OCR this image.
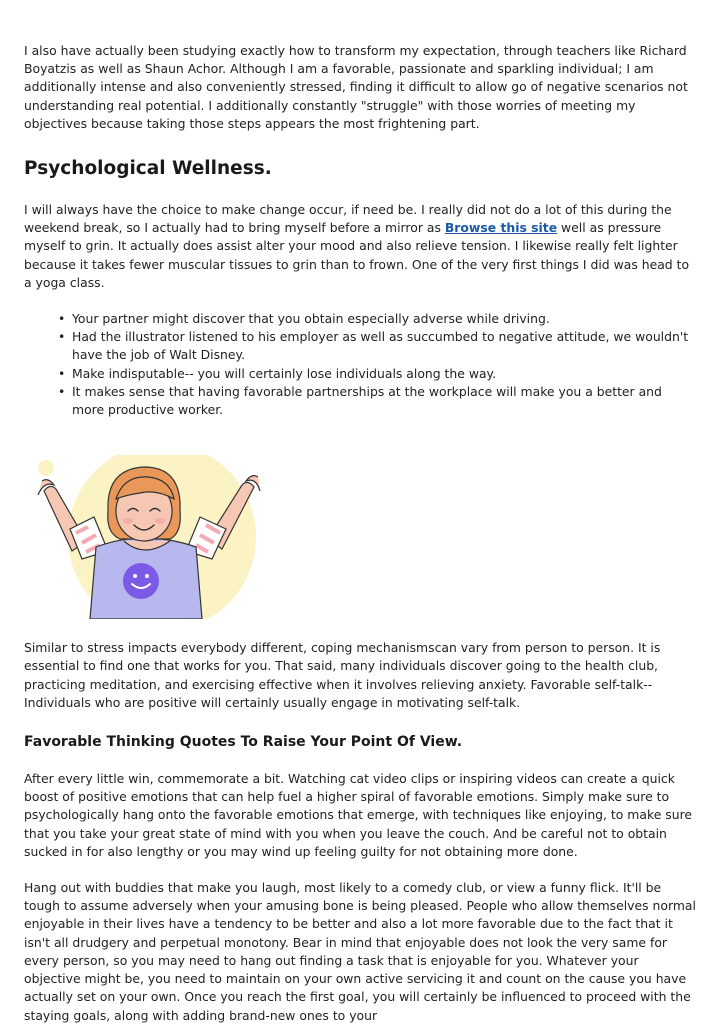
I also have actually been studying exactly how to transform my expectation, through teachers like Richard Boyatzis as well as Shaun Achor. Although I am a favorable, passionate and sparkling individual; I am additionally intense and also conveniently stressed, finding it difficult to allow go of negative scenarios not understanding real potential. I additionally constantly "struggle" with those worries of meeting my objectives because taking those steps appears the most frightening part.

Psychological Wellness.

I will always have the choice to make change occur, if need be. I really did not do a lot of this during the weekend break, so I actually had to bring myself before a mirror as Browse this site well as pressure myself to grin. It actually does assist alter your mood and also relieve tension. I likewise really felt lighter because it takes fewer muscular tissues to grin than to frown. One of the very first things I did was head to a yoga class.

• Your partner might discover that you obtain especially adverse while driving.
• Had the illustrator listened to his employer as well as succumbed to negative attitude, we wouldn't have the job of Walt Disney.
• Make indisputable-- you will certainly lose individuals along the way.
• It makes sense that having favorable partnerships at the workplace will make you a better and more productive worker.

Similar to stress impacts everybody different, coping mechanismscan vary from person to person. It is essential to find one that works for you. That said, many individuals discover going to the health club, practicing meditation, and exercising effective when it involves relieving anxiety. Favorable self-talk-- Individuals who are positive will certainly usually engage in motivating self-talk.

Favorable Thinking Quotes To Raise Your Point Of View.

After every little win, commemorate a bit. Watching cat video clips or inspiring videos can create a quick boost of positive emotions that can help fuel a higher spiral of favorable emotions. Simply make sure to psychologically hang onto the favorable emotions that emerge, with techniques like enjoying, to make sure that you take your great state of mind with you when you leave the couch. And be careful not to obtain sucked in for also lengthy or you may wind up feeling guilty for not obtaining more done.

Hang out with buddies that make you laugh, most likely to a comedy club, or view a funny flick. It'll be tough to assume adversely when your amusing bone is being pleased. People who allow themselves normal enjoyable in their lives have a tendency to be better and also a lot more favorable due to the fact that it isn't all drudgery and perpetual monotony. Bear in mind that enjoyable does not look the very same for every person, so you may need to hang out finding a task that is enjoyable for you. Whatever your objective might be, you need to maintain on your own active servicing it and count on the cause you have actually set on your own. Once you reach the first goal, you will certainly be influenced to proceed with the staying goals, along with adding brand-new ones to your
